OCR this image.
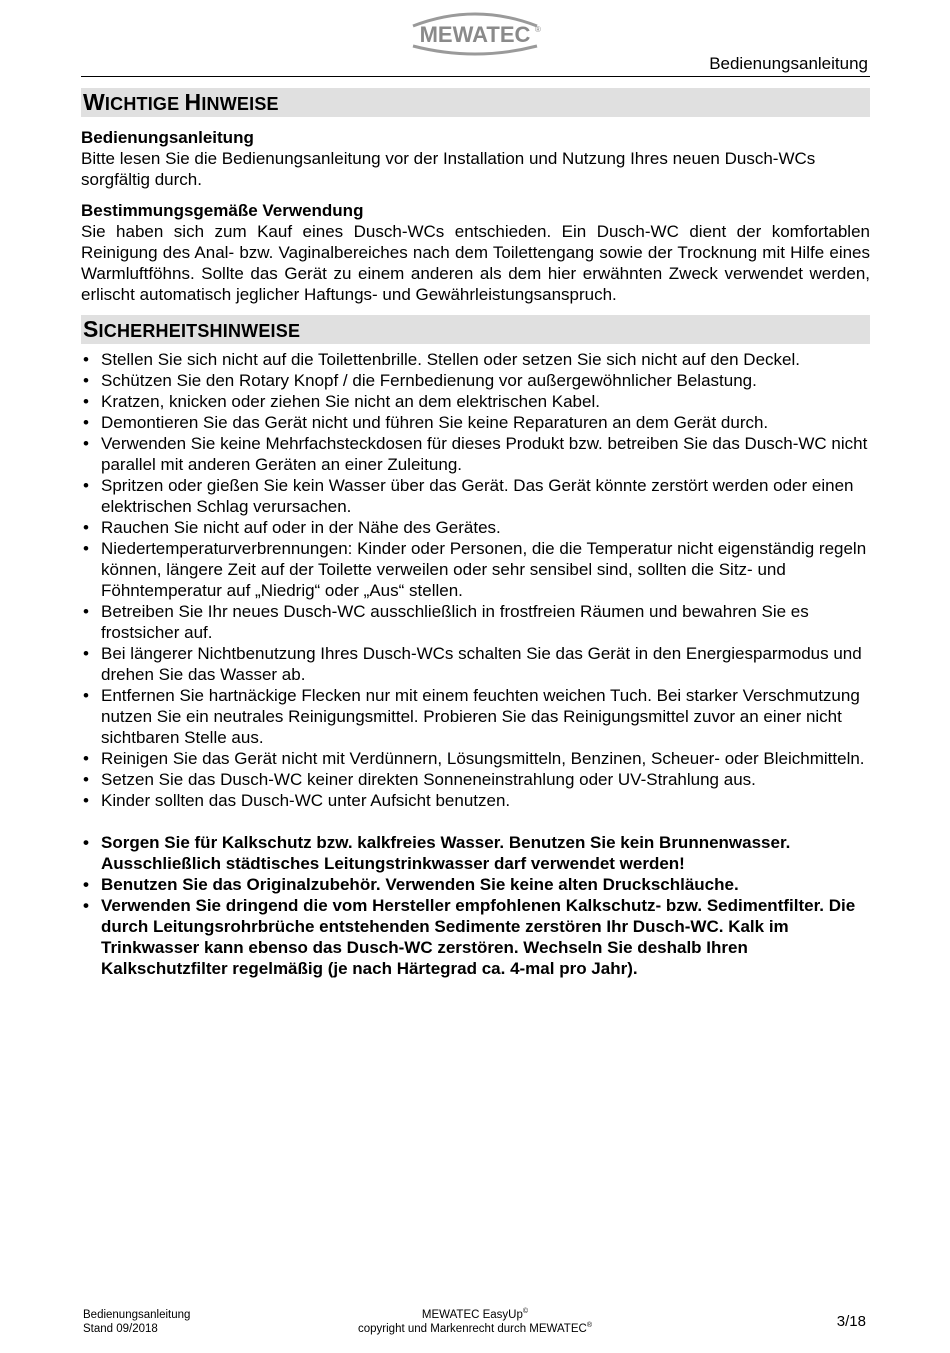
MEWATEC ®
Bedienungsanleitung
WICHTIGE HINWEISE
Bedienungsanleitung

Bitte lesen Sie die Bedienungsanleitung vor der Installation und Nutzung Ihres neuen Dusch-WCs sorgfältig durch.

Bestimmungsgemäße Verwendung

Sie haben sich zum Kauf eines Dusch-WCs entschieden. Ein Dusch-WC dient der komfortablen Reinigung des Anal- bzw. Vaginalbereiches nach dem Toilettengang sowie der Trocknung mit Hilfe eines Warmluftföhns. Sollte das Gerät zu einem anderen als dem hier erwähnten Zweck verwendet werden, erlischt automatisch jeglicher Haftungs- und Gewährleistungsanspruch.

SICHERHEITSHINWEISE
• Stellen Sie sich nicht auf die Toilettenbrille. Stellen oder setzen Sie sich nicht auf den Deckel.
• Schützen Sie den Rotary Knopf / die Fernbedienung vor außergewöhnlicher Belastung.
• Kratzen, knicken oder ziehen Sie nicht an dem elektrischen Kabel.
• Demontieren Sie das Gerät nicht und führen Sie keine Reparaturen an dem Gerät durch.
• Verwenden Sie keine Mehrfachsteckdosen für dieses Produkt bzw. betreiben Sie das Dusch-WC nicht parallel mit anderen Geräten an einer Zuleitung.
• Spritzen oder gießen Sie kein Wasser über das Gerät. Das Gerät könnte zerstört werden oder einen elektrischen Schlag verursachen.
• Rauchen Sie nicht auf oder in der Nähe des Gerätes.
• Niedertemperaturverbrennungen: Kinder oder Personen, die die Temperatur nicht eigenständig regeln können, längere Zeit auf der Toilette verweilen oder sehr sensibel sind, sollten die Sitz- und Föhntemperatur auf „Niedrig“ oder „Aus“ stellen.
• Betreiben Sie Ihr neues Dusch-WC ausschließlich in frostfreien Räumen und bewahren Sie es frostsicher auf.
• Bei längerer Nichtbenutzung Ihres Dusch-WCs schalten Sie das Gerät in den Energiesparmodus und drehen Sie das Wasser ab.
• Entfernen Sie hartnäckige Flecken nur mit einem feuchten weichen Tuch. Bei starker Verschmutzung nutzen Sie ein neutrales Reinigungsmittel. Probieren Sie das Reinigungsmittel zuvor an einer nicht sichtbaren Stelle aus.
• Reinigen Sie das Gerät nicht mit Verdünnern, Lösungsmitteln, Benzinen, Scheuer- oder Bleichmitteln.
• Setzen Sie das Dusch-WC keiner direkten Sonneneinstrahlung oder UV-Strahlung aus.
• Kinder sollten das Dusch-WC unter Aufsicht benutzen.
• Sorgen Sie für Kalkschutz bzw. kalkfreies Wasser. Benutzen Sie kein Brunnenwasser. Ausschließlich städtisches Leitungstrinkwasser darf verwendet werden!
• Benutzen Sie das Originalzubehör. Verwenden Sie keine alten Druckschläuche.
• Verwenden Sie dringend die vom Hersteller empfohlenen Kalkschutz- bzw. Sedimentfilter. Die durch Leitungsrohrbrüche entstehenden Sedimente zerstören Ihr Dusch-WC. Kalk im Trinkwasser kann ebenso das Dusch-WC zerstören. Wechseln Sie deshalb Ihren Kalkschutzfilter regelmäßig (je nach Härtegrad ca. 4-mal pro Jahr).
Bedienungsanleitung
Stand 09/2018
MEWATEC EasyUp©
copyright und Markenrecht durch MEWATEC®	3/18
